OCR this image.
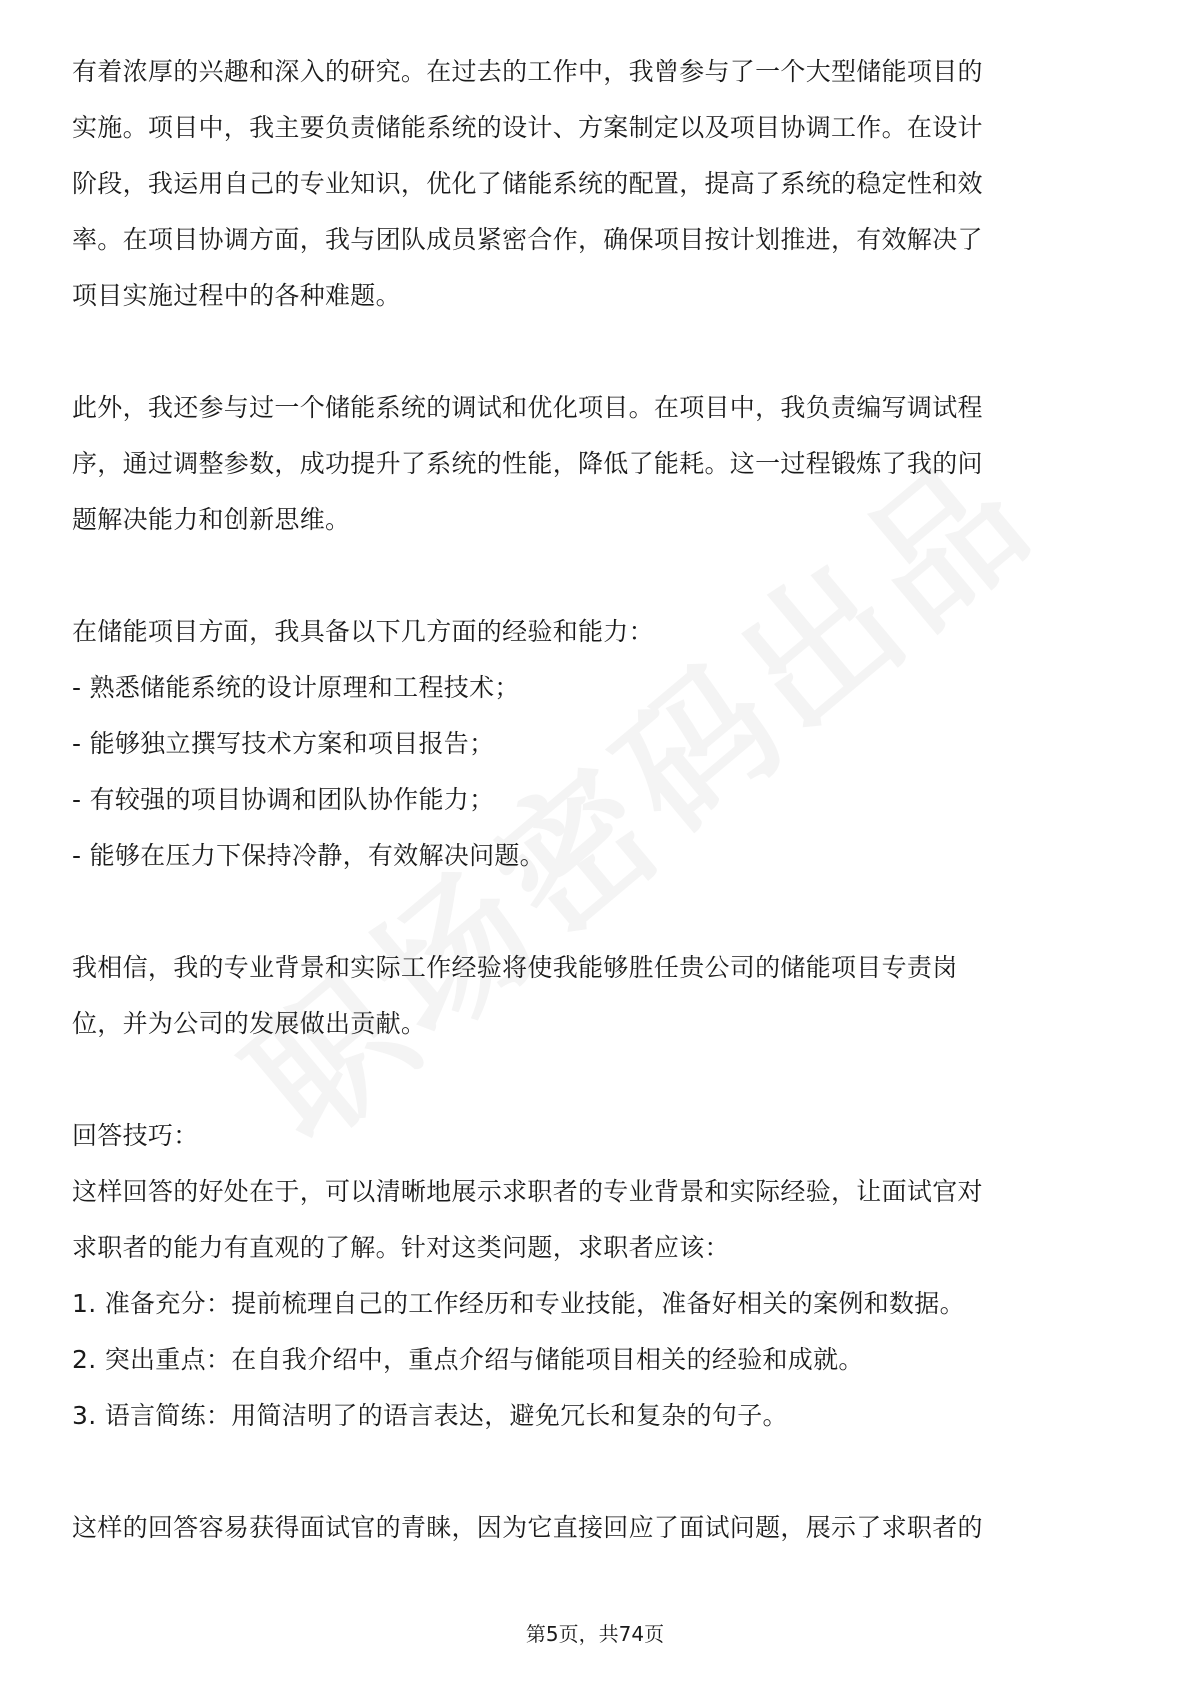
有着浓厚的兴趣和深入的研究。在过去的工作中，我曾参与了一个大型储能项目的
实施。项目中，我主要负责储能系统的设计、方案制定以及项目协调工作。在设计
阶段，我运用自己的专业知识，优化了储能系统的配置，提高了系统的稳定性和效
率。在项目协调方面，我与团队成员紧密合作，确保项目按计划推进，有效解决了
项目实施过程中的各种难题。
此外，我还参与过一个储能系统的调试和优化项目。在项目中，我负责编写调试程
序，通过调整参数，成功提升了系统的性能，降低了能耗。这一过程锻炼了我的问
题解决能力和创新思维。
在储能项目方面，我具备以下几方面的经验和能力：
- 熟悉储能系统的设计原理和工程技术；
- 能够独立撰写技术方案和项目报告；
- 有较强的项目协调和团队协作能力；
- 能够在压力下保持冷静，有效解决问题。
我相信，我的专业背景和实际工作经验将使我能够胜任贵公司的储能项目专责岗
位，并为公司的发展做出贡献。
回答技巧：
这样回答的好处在于，可以清晰地展示求职者的专业背景和实际经验，让面试官对
求职者的能力有直观的了解。针对这类问题，求职者应该：
1. 准备充分：提前梳理自己的工作经历和专业技能，准备好相关的案例和数据。
2. 突出重点：在自我介绍中，重点介绍与储能项目相关的经验和成就。
3. 语言简练：用简洁明了的语言表达，避免冗长和复杂的句子。
这样的回答容易获得面试官的青睐，因为它直接回应了面试问题，展示了求职者的
第5页，共74页
